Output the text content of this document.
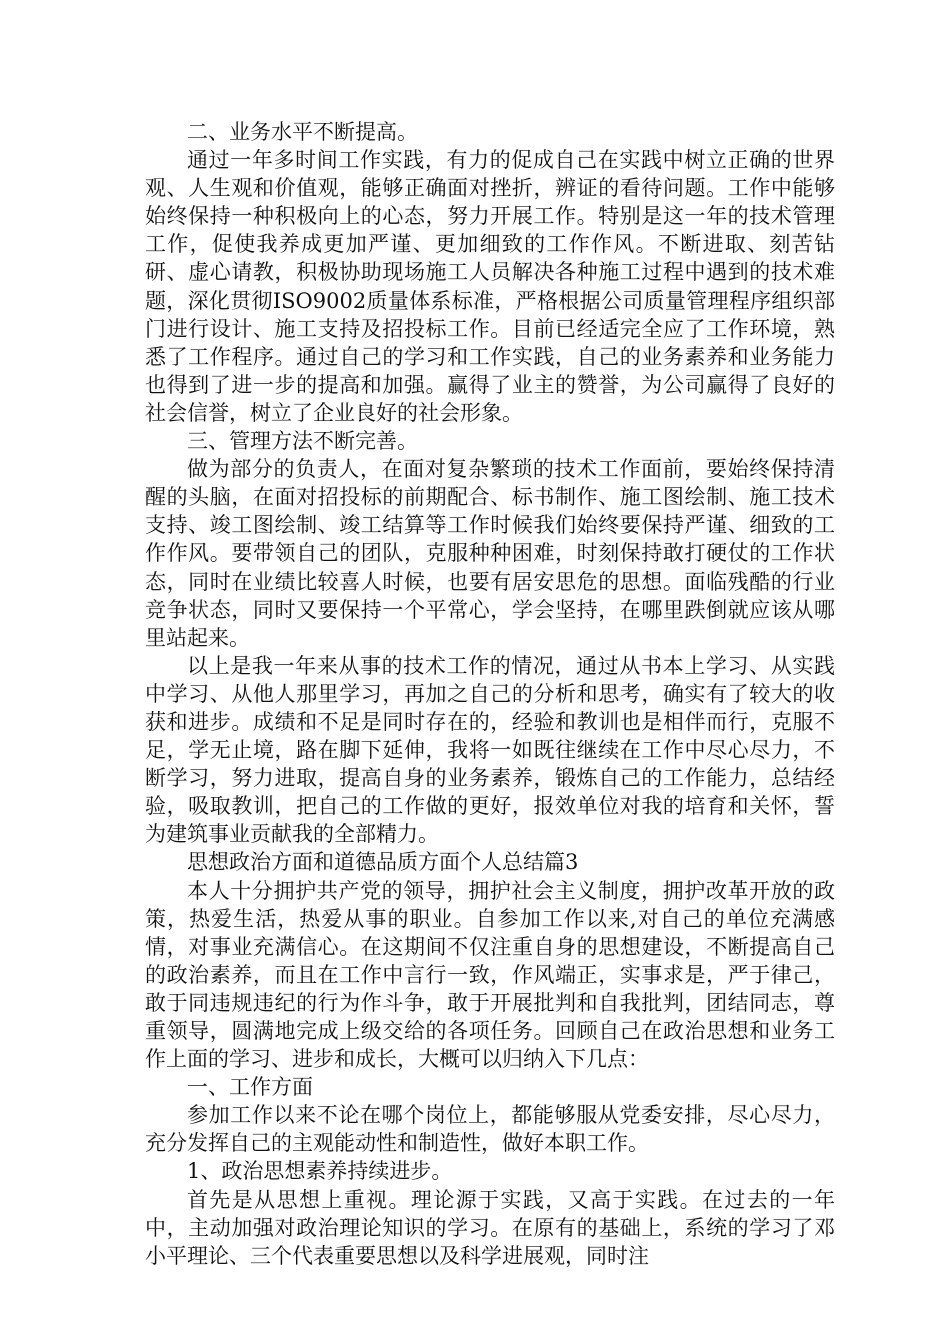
二、业务水平不断提高。

通过一年多时间工作实践，有力的促成自己在实践中树立正确的世界观、人生观和价值观，能够正确面对挫折，辨证的看待问题。工作中能够始终保持一种积极向上的心态，努力开展工作。特别是这一年的技术管理工作，促使我养成更加严谨、更加细致的工作作风。不断进取、刻苦钻研、虚心请教，积极协助现场施工人员解决各种施工过程中遇到的技术难题，深化贯彻ISO9002质量体系标准，严格根据公司质量管理程序组织部门进行设计、施工支持及招投标工作。目前已经适完全应了工作环境，熟悉了工作程序。通过自己的学习和工作实践，自己的业务素养和业务能力也得到了进一步的提高和加强。赢得了业主的赞誉，为公司赢得了良好的社会信誉，树立了企业良好的社会形象。

三、管理方法不断完善。

做为部分的负责人，在面对复杂繁琐的技术工作面前，要始终保持清醒的头脑，在面对招投标的前期配合、标书制作、施工图绘制、施工技术支持、竣工图绘制、竣工结算等工作时候我们始终要保持严谨、细致的工作作风。要带领自己的团队，克服种种困难，时刻保持敢打硬仗的工作状态，同时在业绩比较喜人时候，也要有居安思危的思想。面临残酷的行业竞争状态，同时又要保持一个平常心，学会坚持，在哪里跌倒就应该从哪里站起来。

以上是我一年来从事的技术工作的情况，通过从书本上学习、从实践中学习、从他人那里学习，再加之自己的分析和思考，确实有了较大的收获和进步。成绩和不足是同时存在的，经验和教训也是相伴而行，克服不足，学无止境，路在脚下延伸，我将一如既往继续在工作中尽心尽力，不断学习，努力进取，提高自身的业务素养，锻炼自己的工作能力，总结经验，吸取教训，把自己的工作做的更好，报效单位对我的培育和关怀，誓为建筑事业贡献我的全部精力。

思想政治方面和道德品质方面个人总结篇3

本人十分拥护共产党的领导，拥护社会主义制度，拥护改革开放的政策，热爱生活，热爱从事的职业。自参加工作以来,对自己的单位充满感情，对事业充满信心。在这期间不仅注重自身的思想建设，不断提高自己的政治素养，而且在工作中言行一致，作风端正，实事求是，严于律己，敢于同违规违纪的行为作斗争，敢于开展批判和自我批判，团结同志，尊重领导，圆满地完成上级交给的各项任务。回顾自己在政治思想和业务工作上面的学习、进步和成长，大概可以归纳入下几点：

一、工作方面

参加工作以来不论在哪个岗位上，都能够服从党委安排，尽心尽力，充分发挥自己的主观能动性和制造性，做好本职工作。

1、政治思想素养持续进步。

首先是从思想上重视。理论源于实践，又高于实践。在过去的一年中，主动加强对政治理论知识的学习。在原有的基础上，系统的学习了邓小平理论、三个代表重要思想以及科学进展观，同时注
